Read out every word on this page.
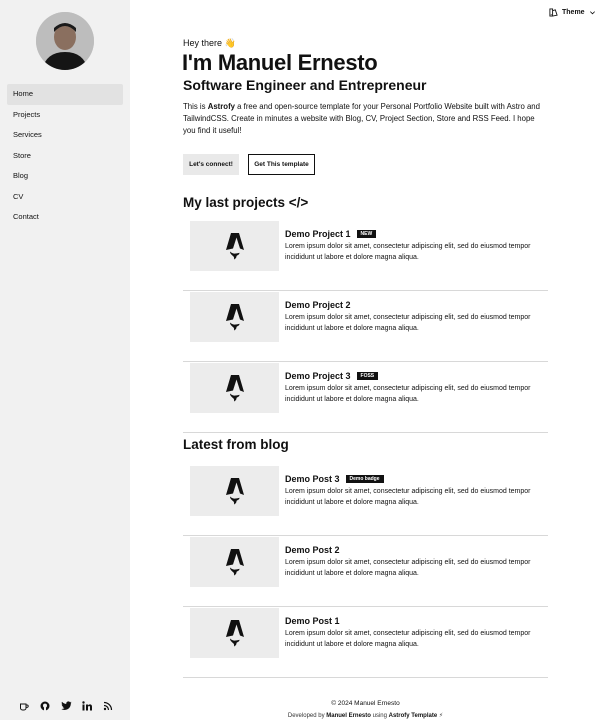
Home
Projects
Services
Store
Blog
CV
Contact
Theme
Hey there 👋
I'm Manuel Ernesto
Software Engineer and Entrepreneur

This is Astrofy a free and open-source template for your Personal Portfolio Website built with Astro and TailwindCSS. Create in minutes a website with Blog, CV, Project Section, Store and RSS Feed. I hope you find it useful!

Let's connect!	Get This template
My last projects </>
Demo Project 1	NEW
Lorem ipsum dolor sit amet, consectetur adipiscing elit, sed do eiusmod tempor incididunt ut labore et dolore magna aliqua.
Demo Project 2
Lorem ipsum dolor sit amet, consectetur adipiscing elit, sed do eiusmod tempor incididunt ut labore et dolore magna aliqua.
Demo Project 3	FOSS
Lorem ipsum dolor sit amet, consectetur adipiscing elit, sed do eiusmod tempor incididunt ut labore et dolore magna aliqua.
Latest from blog
Demo Post 3	Demo badge
Lorem ipsum dolor sit amet, consectetur adipiscing elit, sed do eiusmod tempor incididunt ut labore et dolore magna aliqua.
Demo Post 2
Lorem ipsum dolor sit amet, consectetur adipiscing elit, sed do eiusmod tempor incididunt ut labore et dolore magna aliqua.
Demo Post 1
Lorem ipsum dolor sit amet, consectetur adipiscing elit, sed do eiusmod tempor incididunt ut labore et dolore magna aliqua.
© 2024 Manuel Ernesto
Developed by Manuel Ernesto using Astrofy Template ⚡
